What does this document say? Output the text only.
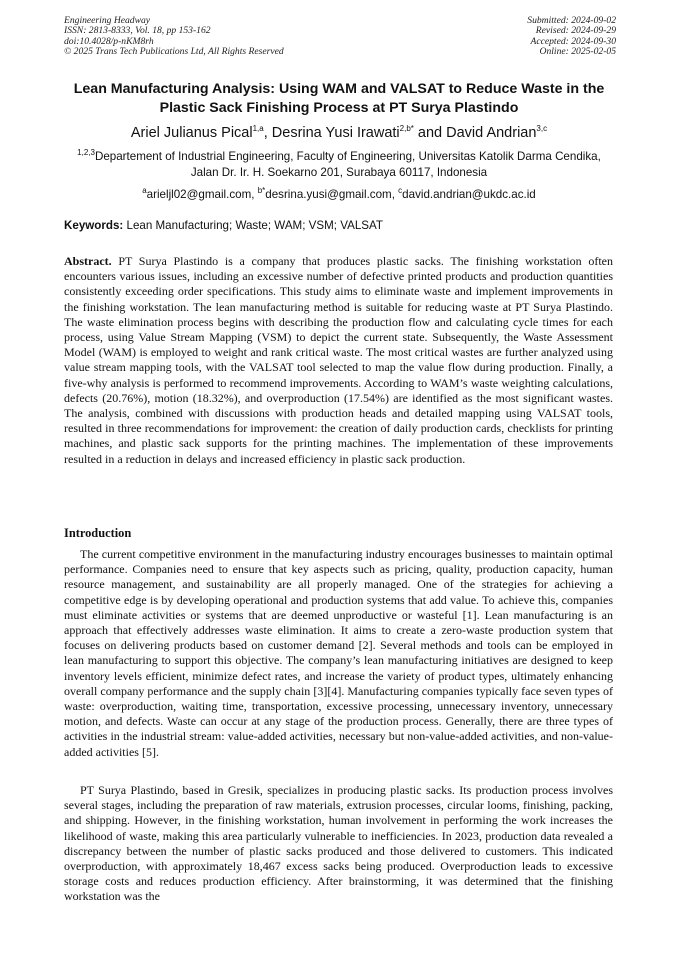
Engineering Headway
ISSN: 2813-8333, Vol. 18, pp 153-162
doi:10.4028/p-nKM8rh
© 2025 Trans Tech Publications Ltd, All Rights Reserved
Submitted: 2024-09-02
Revised: 2024-09-29
Accepted: 2024-09-30
Online: 2025-02-05
Lean Manufacturing Analysis: Using WAM and VALSAT to Reduce Waste in the Plastic Sack Finishing Process at PT Surya Plastindo
Ariel Julianus Pical$^{1,a}$, Desrina Yusi Irawati$^{2,b*}$ and David Andrian$^{3,c}$
$^{1,2,3}$Departement of Industrial Engineering, Faculty of Engineering, Universitas Katolik Darma Cendika, Jalan Dr. Ir. H. Soekarno 201, Surabaya 60117, Indonesia
$^a$arieljl02@gmail.com, $^{b*}$desrina.yusi@gmail.com, $^c$david.andrian@ukdc.ac.id
Keywords: Lean Manufacturing; Waste; WAM; VSM; VALSAT

Abstract. PT Surya Plastindo is a company that produces plastic sacks. The finishing workstation often encounters various issues, including an excessive number of defective printed products and production quantities consistently exceeding order specifications. This study aims to eliminate waste and implement improvements in the finishing workstation. The lean manufacturing method is suitable for reducing waste at PT Surya Plastindo. The waste elimination process begins with describing the production flow and calculating cycle times for each process, using Value Stream Mapping (VSM) to depict the current state. Subsequently, the Waste Assessment Model (WAM) is employed to weight and rank critical waste. The most critical wastes are further analyzed using value stream mapping tools, with the VALSAT tool selected to map the value flow during production. Finally, a five-why analysis is performed to recommend improvements. According to WAM’s waste weighting calculations, defects (20.76%), motion (18.32%), and overproduction (17.54%) are identified as the most significant wastes. The analysis, combined with discussions with production heads and detailed mapping using VALSAT tools, resulted in three recommendations for improvement: the creation of daily production cards, checklists for printing machines, and plastic sack supports for the printing machines. The implementation of these improvements resulted in a reduction in delays and increased efficiency in plastic sack production.

Introduction

The current competitive environment in the manufacturing industry encourages businesses to maintain optimal performance. Companies need to ensure that key aspects such as pricing, quality, production capacity, human resource management, and sustainability are all properly managed. One of the strategies for achieving a competitive edge is by developing operational and production systems that add value. To achieve this, companies must eliminate activities or systems that are deemed unproductive or wasteful [1]. Lean manufacturing is an approach that effectively addresses waste elimination. It aims to create a zero-waste production system that focuses on delivering products based on customer demand [2]. Several methods and tools can be employed in lean manufacturing to support this objective. The company’s lean manufacturing initiatives are designed to keep inventory levels efficient, minimize defect rates, and increase the variety of product types, ultimately enhancing overall company performance and the supply chain [3][4]. Manufacturing companies typically face seven types of waste: overproduction, waiting time, transportation, excessive processing, unnecessary inventory, unnecessary motion, and defects. Waste can occur at any stage of the production process. Generally, there are three types of activities in the industrial stream: value-added activities, necessary but non-value-added activities, and non-value-added activities [5].

PT Surya Plastindo, based in Gresik, specializes in producing plastic sacks. Its production process involves several stages, including the preparation of raw materials, extrusion processes, circular looms, finishing, packing, and shipping. However, in the finishing workstation, human involvement in performing the work increases the likelihood of waste, making this area particularly vulnerable to inefficiencies. In 2023, production data revealed a discrepancy between the number of plastic sacks produced and those delivered to customers. This indicated overproduction, with approximately 18,467 excess sacks being produced. Overproduction leads to excessive storage costs and reduces production efficiency. After brainstorming, it was determined that the finishing workstation was the
